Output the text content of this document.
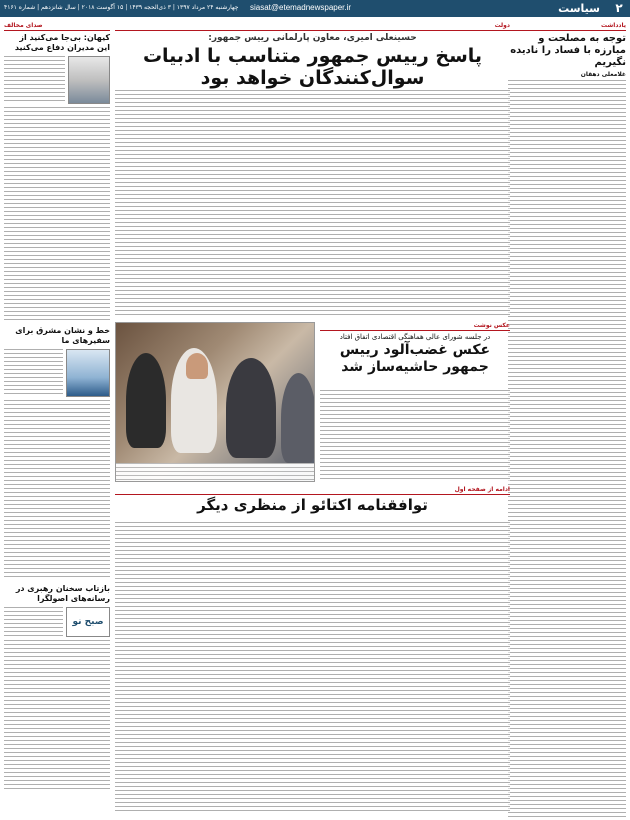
۲
سیاست
siasat@etemadnewspaper.ir
چهارشنبه ۲۴ مرداد ۱۳۹۷ | ۳ ذی‌الحجه ۱۴۳۹ | ۱۵ آگوست ۲۰۱۸ | سال شانزدهم | شماره ۴۱۶۱
یادداشت
توجه به مصلحت و مبارزه با فساد را ناديده نگيريم
غلامعلی دهقان
دولت
حسینعلی امیری، معاون پارلمانی رییس جمهور:
پاسخ رییس جمهور متناسب با ادبیات سوال‌کنندگان خواهد بود
عکس نوشت
در جلسه شورای عالی هماهنگی اقتصادی اتفاق افتاد
عکس غضب‌آلود رییس جمهور حاشیه‌ساز شد
ادامه از صفحه اول
توافقنامه اکتائو از منظری دیگر
صدای مخالف
کیهان: بی‌جا می‌کنید از این مدیران دفاع می‌کنید
خط و نشان مشرق برای سفیرهای ما
بازتاب سخنان رهبری در رسانه‌های اصولگرا
صبح نو
